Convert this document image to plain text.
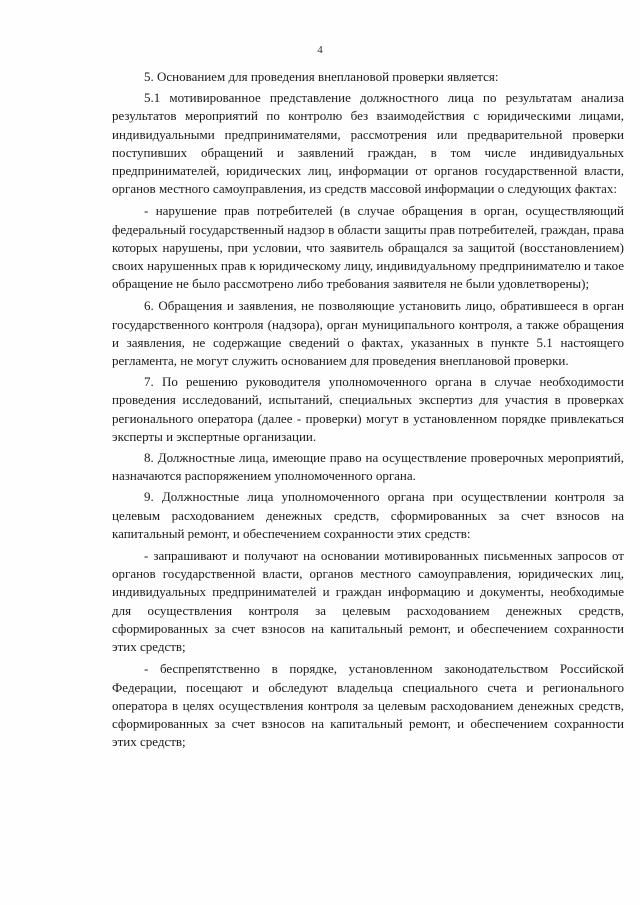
4

5. Основанием для проведения внеплановой проверки является:

5.1 мотивированное представление должностного лица по результатам анализа результатов мероприятий по контролю без взаимодействия с юридическими лицами, индивидуальными предпринимателями, рассмотрения или предварительной проверки поступивших обращений и заявлений граждан, в том числе индивидуальных предпринимателей, юридических лиц, информации от органов государственной власти, органов местного самоуправления, из средств массовой информации о следующих фактах:

- нарушение прав потребителей (в случае обращения в орган, осуществляющий федеральный государственный надзор в области защиты прав потребителей, граждан, права которых нарушены, при условии, что заявитель обращался за защитой (восстановлением) своих нарушенных прав к юридическому лицу, индивидуальному предпринимателю и такое обращение не было рассмотрено либо требования заявителя не были удовлетворены);

6. Обращения и заявления, не позволяющие установить лицо, обратившееся в орган государственного контроля (надзора), орган муниципального контроля, а также обращения и заявления, не содержащие сведений о фактах, указанных в пункте 5.1 настоящего регламента, не могут служить основанием для проведения внеплановой проверки.

7. По решению руководителя уполномоченного органа в случае необходимости проведения исследований, испытаний, специальных экспертиз для участия в проверках регионального оператора (далее - проверки) могут в установленном порядке привлекаться эксперты и экспертные организации.

8. Должностные лица, имеющие право на осуществление проверочных мероприятий, назначаются распоряжением уполномоченного органа.

9. Должностные лица уполномоченного органа при осуществлении контроля за целевым расходованием денежных средств, сформированных за счет взносов на капитальный ремонт, и обеспечением сохранности этих средств:

- запрашивают и получают на основании мотивированных письменных запросов от органов государственной власти, органов местного самоуправления, юридических лиц, индивидуальных предпринимателей и граждан информацию и документы, необходимые для осуществления контроля за целевым расходованием денежных средств, сформированных за счет взносов на капитальный ремонт, и обеспечением сохранности этих средств;

- беспрепятственно в порядке, установленном законодательством Российской Федерации, посещают и обследуют владельца специального счета и регионального оператора в целях осуществления контроля за целевым расходованием денежных средств, сформированных за счет взносов на капитальный ремонт, и обеспечением сохранности этих средств;
